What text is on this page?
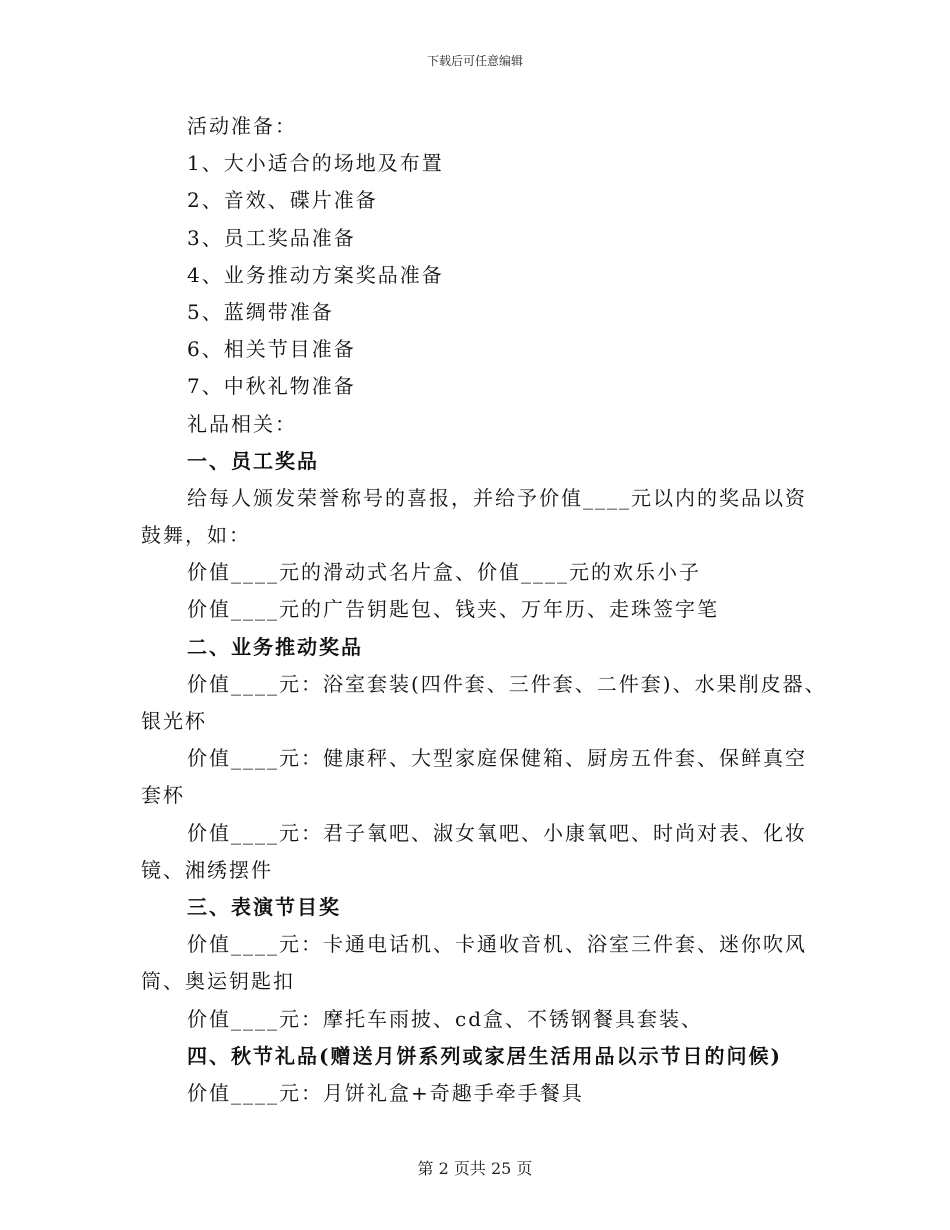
下载后可任意编辑
活动准备：
1、大小适合的场地及布置
2、音效、碟片准备
3、员工奖品准备
4、业务推动方案奖品准备
5、蓝绸带准备
6、相关节目准备
7、中秋礼物准备
礼品相关：
一、员工奖品
给每人颁发荣誉称号的喜报，并给予价值____元以内的奖品以资
鼓舞，如：
价值____元的滑动式名片盒、价值____元的欢乐小子
价值____元的广告钥匙包、钱夹、万年历、走珠签字笔
二、业务推动奖品
价值____元：浴室套装(四件套、三件套、二件套)、水果削皮器、
银光杯
价值____元：健康秤、大型家庭保健箱、厨房五件套、保鲜真空
套杯
价值____元：君子氧吧、淑女氧吧、小康氧吧、时尚对表、化妆
镜、湘绣摆件
三、表演节目奖
价值____元：卡通电话机、卡通收音机、浴室三件套、迷你吹风
筒、奥运钥匙扣
价值____元：摩托车雨披、cd盒、不锈钢餐具套装、
四、秋节礼品(赠送月饼系列或家居生活用品以示节日的问候)
价值____元：月饼礼盒+奇趣手牵手餐具
第 2 页共 25 页
